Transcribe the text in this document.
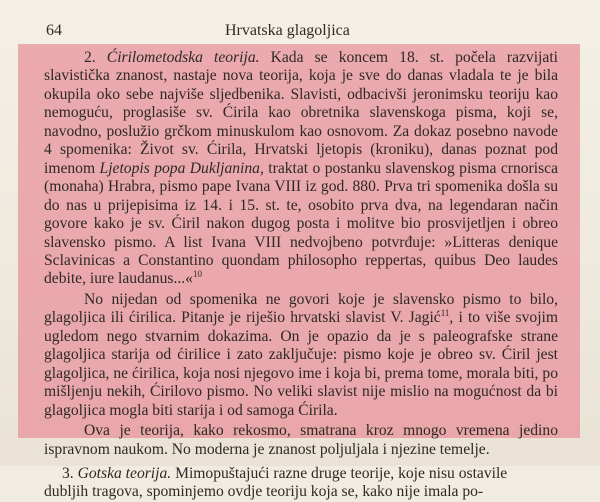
64	Hrvatska glagoljica

2. Ćirilometodska teorija. Kada se koncem 18. st. počela razvijati slavistička znanost, nastaje nova teorija, koja je sve do danas vladala te je bila okupila oko sebe najviše sljedbenika. Slavisti, odbacivši jeronimsku teoriju kao nemoguću, proglasiše sv. Ćirila kao obretnika slavenskoga pisma, koji se, navodno, poslužio grčkom minuskulom kao osnovom. Za dokaz posebno navode 4 spomenika: Život sv. Ćirila, Hrvatski ljetopis (kroniku), danas poznat pod imenom Ljetopis popa Dukljanina, traktat o postanku slavenskog pisma crnorisca (monaha) Hrabra, pismo pape Ivana VIII iz god. 880. Prva tri spomenika došla su do nas u prijepisima iz 14. i 15. st. te, osobito prva dva, na legendaran način govore kako je sv. Ćiril nakon dugog posta i molitve bio prosvijetljen i obreo slavensko pismo. A list Ivana VIII nedvojbeno potvrđuje: »Litteras denique Sclavinicas a Constantino quondam philosopho reppertas, quibus Deo laudes debite, iure laudanus...«$^{10}$

No nijedan od spomenika ne govori koje je slavensko pismo to bilo, glagoljica ili ćirilica. Pitanje je riješio hrvatski slavist V. Jagić$^{11}$, i to više svojim ugledom nego stvarnim dokazima. On je opazio da je s paleografske strane glagoljica starija od ćirilice i zato zaključuje: pismo koje je obreo sv. Ćiril jest glagoljica, ne ćirilica, koja nosi njegovo ime i koja bi, prema tome, morala biti, po mišljenju nekih, Ćirilovo pismo. No veliki slavist nije mislio na mogućnost da bi glagoljica mogla biti starija i od samoga Ćirila.

Ova je teorija, kako rekosmo, smatrana kroz mnogo vremena jedino ispravnom naukom. No moderna je znanost poljuljala i njezine temelje.

3. Gotska teorija. Mimopuštajući razne druge teorije, koje nisu ostavile
dubljih tragova, spominjemo ovdje teoriju koja se, kako nije imala po-
